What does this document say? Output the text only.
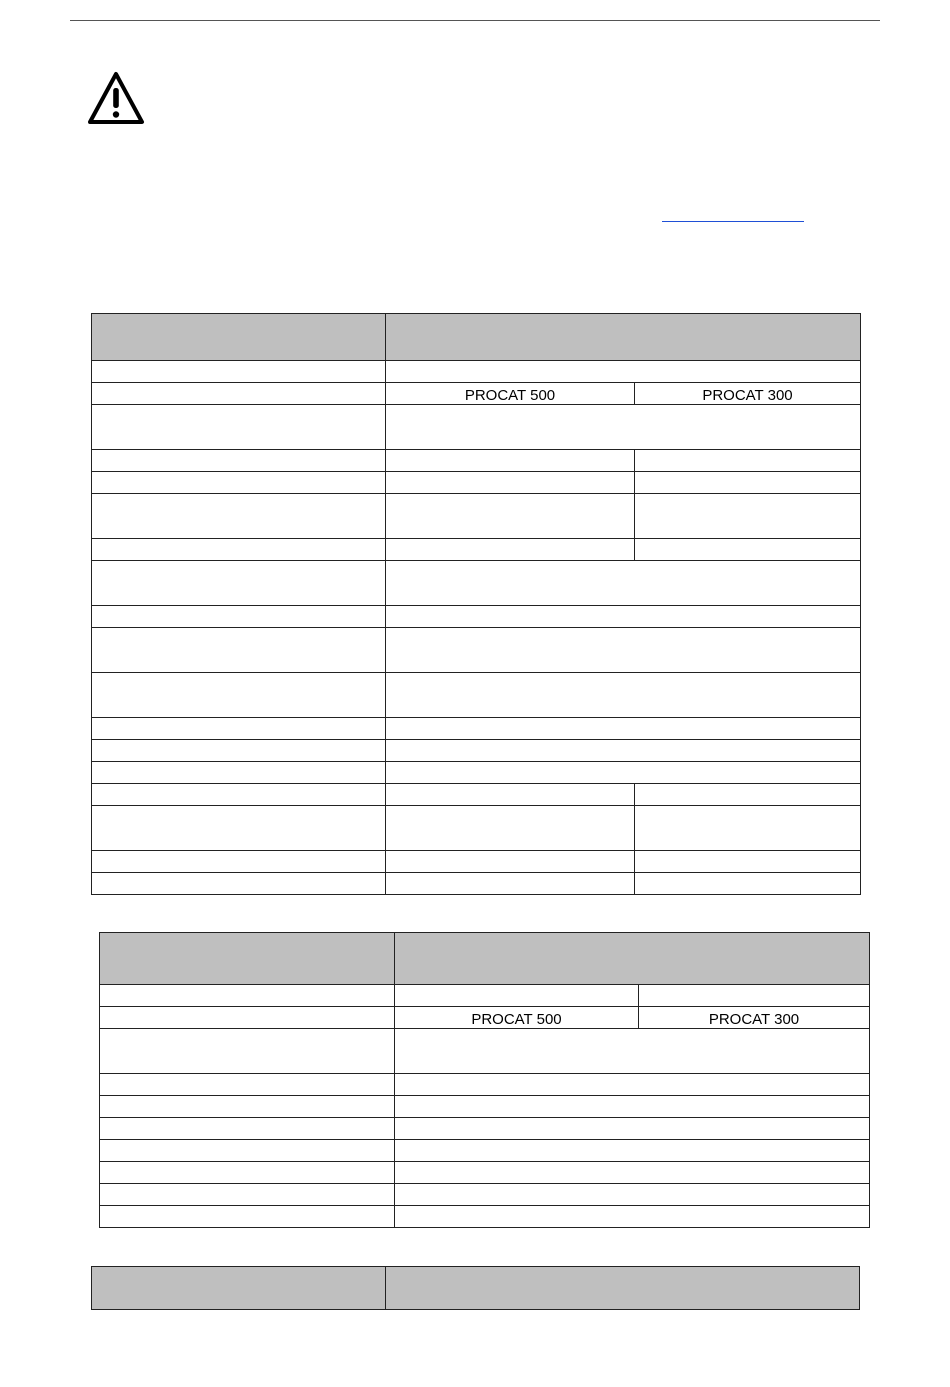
	PROCAT 500	PROCAT 300

	PROCAT 500	PROCAT 300
